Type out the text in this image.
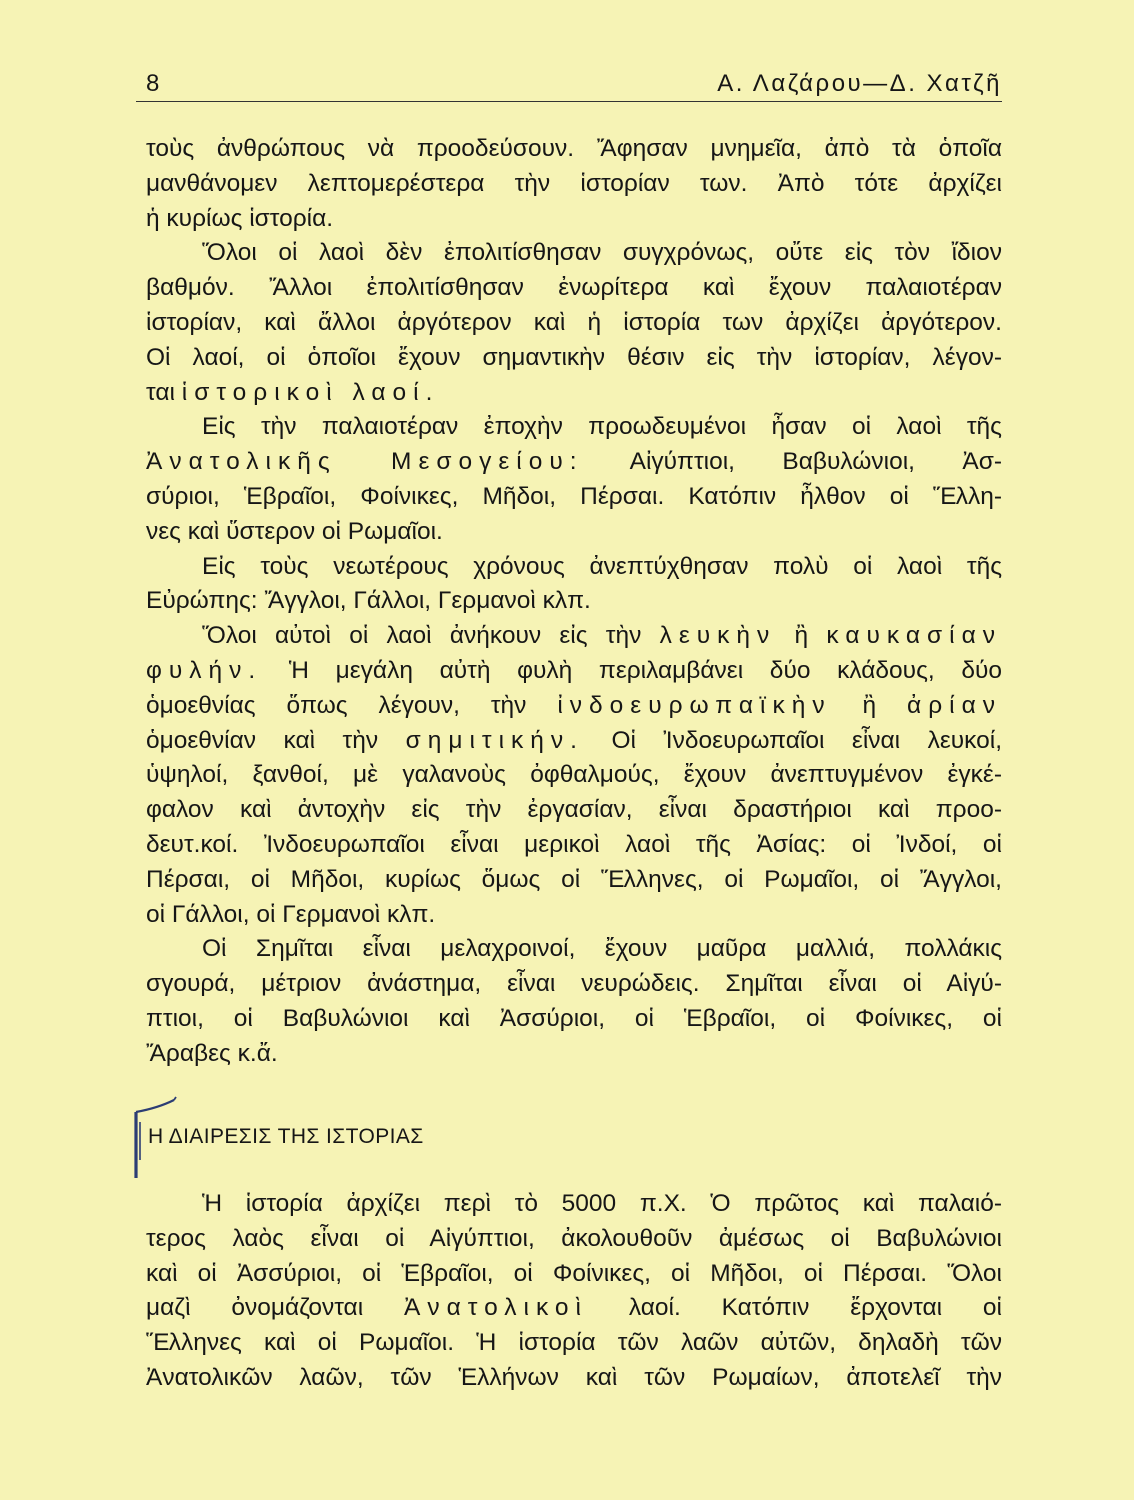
8	Α. Λαζάρου—Δ. Χατζῆ
τοὺς ἀνθρώπους νὰ προοδεύσουν. Ἄφησαν μνημεῖα, ἀπὸ τὰ ὁποῖα
μανθάνομεν λεπτομερέστερα τὴν ἱστορίαν των. Ἀπὸ τότε ἀρχίζει
ἡ κυρίως ἱστορία.
Ὅλοι οἱ λαοὶ δὲν ἐπολιτίσθησαν συγχρόνως, οὔτε εἰς τὸν ἴδιον
βαθμόν. Ἄλλοι ἐπολιτίσθησαν ἐνωρίτερα καὶ ἔχουν παλαιοτέραν
ἱστορίαν, καὶ ἄλλοι ἀργότερον καὶ ἡ ἱστορία των ἀρχίζει ἀργότερον.
Οἱ λαοί, οἱ ὁποῖοι ἔχουν σημαντικὴν θέσιν εἰς τὴν ἱστορίαν, λέγον-
ται ἱστορικοὶ λαοί.
Εἰς τὴν παλαιοτέραν ἐποχὴν προωδευμένοι ἦσαν οἱ λαοὶ τῆς
Ἀνατολικῆς Μεσογείου: Αἰγύπτιοι, Βαβυλώνιοι, Ἀσ-
σύριοι, Ἑβραῖοι, Φοίνικες, Μῆδοι, Πέρσαι. Κατόπιν ἦλθον οἱ Ἕλλη-
νες καὶ ὕστερον οἱ Ρωμαῖοι.
Εἰς τοὺς νεωτέρους χρόνους ἀνεπτύχθησαν πολὺ οἱ λαοὶ τῆς
Εὐρώπης: Ἄγγλοι, Γάλλοι, Γερμανοὶ κλπ.
Ὅλοι αὐτοὶ οἱ λαοὶ ἀνήκουν εἰς τὴν λευκὴν ἢ καυκασίαν
φυλήν. Ἡ μεγάλη αὐτὴ φυλὴ περιλαμβάνει δύο κλάδους, δύο
ὁμοεθνίας ὅπως λέγουν, τὴν ἰνδοευρωπαϊκὴν ἢ ἀρίαν
ὁμοεθνίαν καὶ τὴν σημιτικήν. Οἱ Ἰνδοευρωπαῖοι εἶναι λευκοί,
ὑψηλοί, ξανθοί, μὲ γαλανοὺς ὀφθαλμούς, ἔχουν ἀνεπτυγμένον ἐγκέ-
φαλον καὶ ἀντοχὴν εἰς τὴν ἐργασίαν, εἶναι δραστήριοι καὶ προο-
δευτ.κοί. Ἰνδοευρωπαῖοι εἶναι μερικοὶ λαοὶ τῆς Ἀσίας: οἱ Ἰνδοί, οἱ
Πέρσαι, οἱ Μῆδοι, κυρίως ὅμως οἱ Ἕλληνες, οἱ Ρωμαῖοι, οἱ Ἄγγλοι,
οἱ Γάλλοι, οἱ Γερμανοὶ κλπ.
Οἱ Σημῖται εἶναι μελαχροινοί, ἔχουν μαῦρα μαλλιά, πολλάκις
σγουρά, μέτριον ἀνάστημα, εἶναι νευρώδεις. Σημῖται εἶναι οἱ Αἰγύ-
πτιοι, οἱ Βαβυλώνιοι καὶ Ἀσσύριοι, οἱ Ἑβραῖοι, οἱ Φοίνικες, οἱ
Ἄραβες κ.ἄ.
Η ΔΙΑΙΡΕΣΙΣ ΤΗΣ ΙΣΤΟΡΙΑΣ
Ἡ ἱστορία ἀρχίζει περὶ τὸ 5000 π.Χ. Ὁ πρῶτος καὶ παλαιό-
τερος λαὸς εἶναι οἱ Αἰγύπτιοι, ἀκολουθοῦν ἀμέσως οἱ Βαβυλώνιοι
καὶ οἱ Ἀσσύριοι, οἱ Ἑβραῖοι, οἱ Φοίνικες, οἱ Μῆδοι, οἱ Πέρσαι. Ὅλοι
μαζὶ ὀνομάζονται Ἀνατολικοὶ λαοί. Κατόπιν ἔρχονται οἱ
Ἕλληνες καὶ οἱ Ρωμαῖοι. Ἡ ἱστορία τῶν λαῶν αὐτῶν, δηλαδὴ τῶν
Ἀνατολικῶν λαῶν, τῶν Ἑλλήνων καὶ τῶν Ρωμαίων, ἀποτελεῖ τὴν
